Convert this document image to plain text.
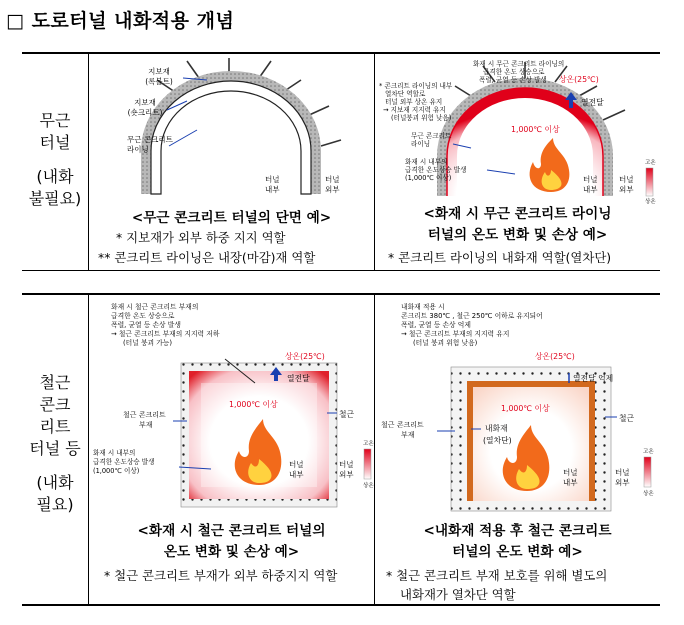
□ 도로터널 내화적용 개념
무근
터널
(내화
불필요)
철근
콘크
리트
터널 등
(내화
필요)
지보재
(록볼트)
지보재
(숏크리트)
무근 콘크리트
라이닝
터널
내부
터널
외부
<무근 콘크리트 터널의 단면 예>
* 지보재가 외부 하중 지지 역할
** 콘크리트 라이닝은 내장(마감)재 역할
상온(25℃)
열전달
1,000℃ 이상
화재 시 무근 콘크리트 라이닝의
급격한 온도 상승으로
폭렬, 균열 등 손상 발생
* 콘크리트 라이닝의 내부
열차단 역할로
터널 외부 상온 유지
→ 지보재 지지력 유지
(터널붕괴 위험 낮음)
무근 콘크리트
라이닝
화재 시 내부의
급격한 온도상승 발생
(1,000℃ 이상)	터널
내부
터널
외부
고온
상온
<화재 시 무근 콘크리트 라이닝
터널의 온도 변화 및 손상 예>
* 콘크리트 라이닝의 내화재 역할(열차단)
화재 시 철근 콘크리트 부재의
급격한 온도 상승으로
폭렬, 균열 등 손상 발생
→ 철근 콘크리트 부재의 지지력 저하
(터널 붕괴 가능)
상온(25℃)
열전달
1,000℃ 이상
철근 콘크리트
부재
철근
화재 시 내부의
급격한 온도상승 발생
(1,000℃ 이상)
터널
내부
터널
외부
고온
상온
<화재 시 철근 콘크리트 터널의
온도 변화 및 손상 예>
* 철근 콘크리트 부재가 외부 하중지지 역할
내화재 적용 시
콘크리트 380℃ , 철근 250℃ 이하로 유지되어
폭렬, 균열 등 손상 억제
→ 철근 콘크리트 부재의 지지력 유지
(터널 붕괴 위험 낮음)
상온(25℃)
열전달 억제
1,000℃ 이상
철근 콘크리트
부재
내화재
(열차단)
철근
터널
내부
터널
외부
고온
상온
<내화재 적용 후 철근 콘크리트
터널의 온도 변화 예>
* 철근 콘크리트 부재 보호를 위해 별도의
내화재가 열차단 역할
